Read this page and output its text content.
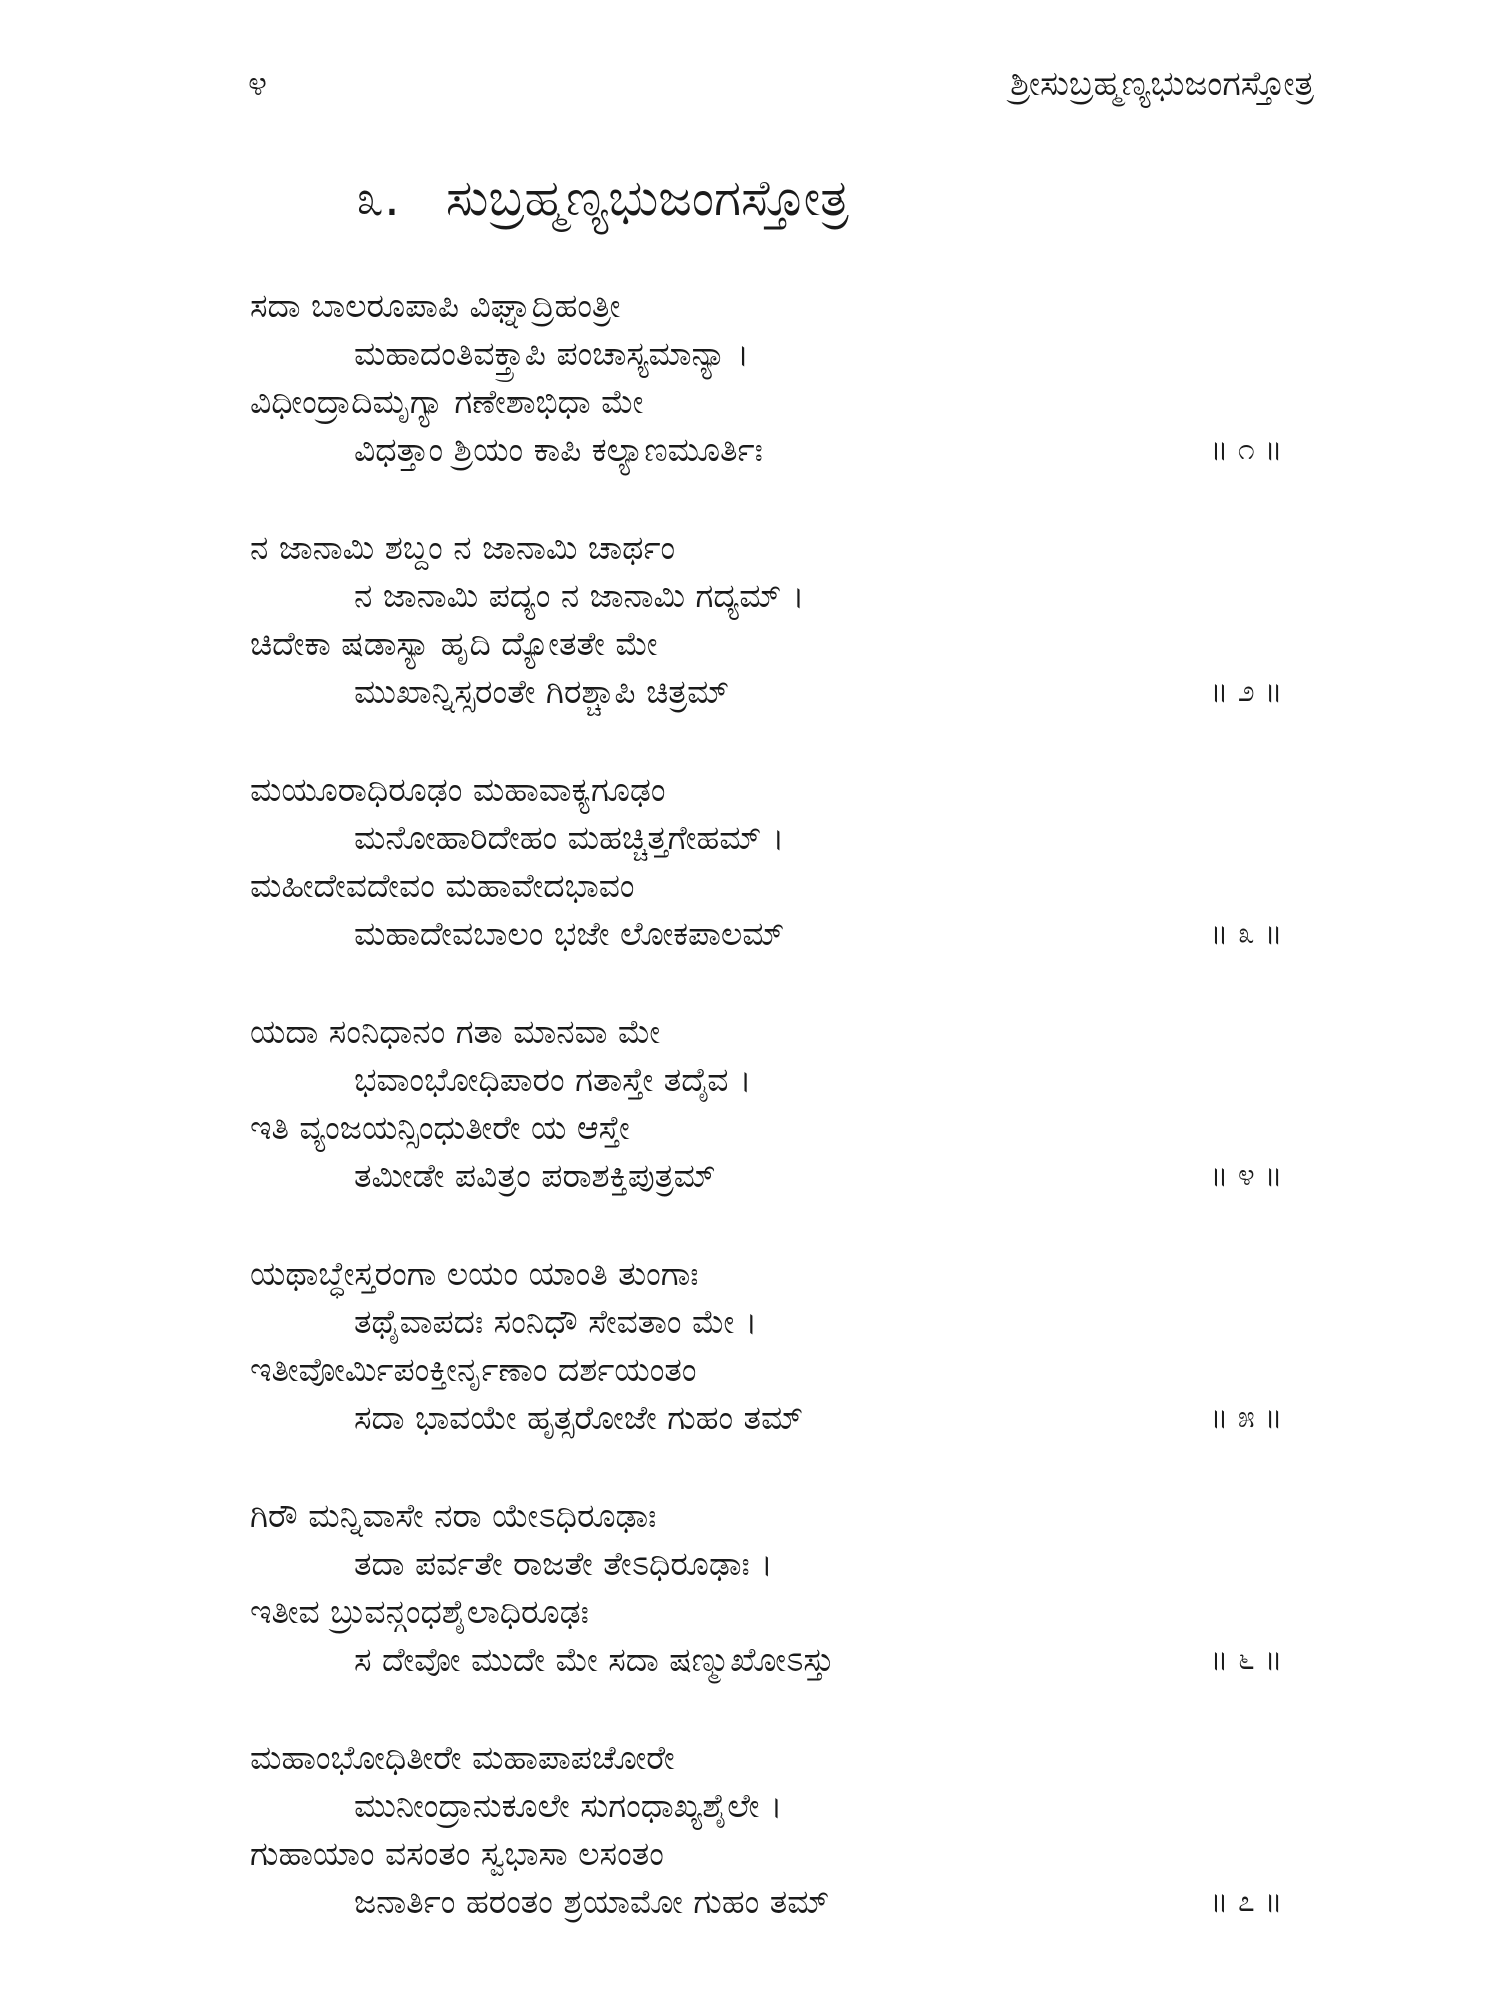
೪	ಶ್ರೀಸುಬ್ರಹ್ಮಣ್ಯಭುಜಂಗಸ್ತೋತ್ರ
೩. ಸುಬ್ರಹ್ಮಣ್ಯಭುಜಂಗಸ್ತೋತ್ರ
ಸದಾ ಬಾಲರೂಪಾಪಿ ವಿಘ್ನಾದ್ರಿಹಂತ್ರೀ
ಮಹಾದಂತಿವಕ್ತ್ರಾಪಿ ಪಂಚಾಸ್ಯಮಾನ್ಯಾ ।
ವಿಧೀಂದ್ರಾದಿಮೃಗ್ಯಾ ಗಣೇಶಾಭಿಧಾ ಮೇ
ವಿಧತ್ತಾಂ ಶ್ರಿಯಂ ಕಾಪಿ ಕಲ್ಯಾಣಮೂರ್ತಿಃ	॥ ೧ ॥
ನ ಜಾನಾಮಿ ಶಬ್ದಂ ನ ಜಾನಾಮಿ ಚಾರ್ಥಂ
ನ ಜಾನಾಮಿ ಪದ್ಯಂ ನ ಜಾನಾಮಿ ಗದ್ಯಮ್ ।
ಚಿದೇಕಾ ಷಡಾಸ್ಯಾ ಹೃದಿ ದ್ಯೋತತೇ ಮೇ
ಮುಖಾನ್ನಿಸ್ಸರಂತೇ ಗಿರಶ್ಚಾಪಿ ಚಿತ್ರಮ್	॥ ೨ ॥
ಮಯೂರಾಧಿರೂಢಂ ಮಹಾವಾಕ್ಯಗೂಢಂ
ಮನೋಹಾರಿದೇಹಂ ಮಹಚ್ಚಿತ್ತಗೇಹಮ್ ।
ಮಹೀದೇವದೇವಂ ಮಹಾವೇದಭಾವಂ
ಮಹಾದೇವಬಾಲಂ ಭಜೇ ಲೋಕಪಾಲಮ್	॥ ೩ ॥
ಯದಾ ಸಂನಿಧಾನಂ ಗತಾ ಮಾನವಾ ಮೇ
ಭವಾಂಭೋಧಿಪಾರಂ ಗತಾಸ್ತೇ ತದೈವ ।
ಇತಿ ವ್ಯಂಜಯನ್ಸಿಂಧುತೀರೇ ಯ ಆಸ್ತೇ
ತಮೀಡೇ ಪವಿತ್ರಂ ಪರಾಶಕ್ತಿಪುತ್ರಮ್	॥ ೪ ॥
ಯಥಾಬ್ಧೇಸ್ತರಂಗಾ ಲಯಂ ಯಾಂತಿ ತುಂಗಾಃ
ತಥೈವಾಪದಃ ಸಂನಿಧೌ ಸೇವತಾಂ ಮೇ ।
ಇತೀವೋರ್ಮಿಪಂಕ್ತೀರ್ನೃಣಾಂ ದರ್ಶಯಂತಂ
ಸದಾ ಭಾವಯೇ ಹೃತ್ಸರೋಜೇ ಗುಹಂ ತಮ್	॥ ೫ ॥
ಗಿರೌ ಮನ್ನಿವಾಸೇ ನರಾ ಯೇಽಧಿರೂಢಾಃ
ತದಾ ಪರ್ವತೇ ರಾಜತೇ ತೇಽಧಿರೂಢಾಃ ।
ಇತೀವ ಬ್ರುವನ್ಗಂಧಶೈಲಾಧಿರೂಢಃ
ಸ ದೇವೋ ಮುದೇ ಮೇ ಸದಾ ಷಣ್ಮುಖೋಽಸ್ತು	॥ ೬ ॥
ಮಹಾಂಭೋಧಿತೀರೇ ಮಹಾಪಾಪಚೋರೇ
ಮುನೀಂದ್ರಾನುಕೂಲೇ ಸುಗಂಧಾಖ್ಯಶೈಲೇ ।
ಗುಹಾಯಾಂ ವಸಂತಂ ಸ್ವಭಾಸಾ ಲಸಂತಂ
ಜನಾರ್ತಿಂ ಹರಂತಂ ಶ್ರಯಾಮೋ ಗುಹಂ ತಮ್	॥ ೭ ॥
